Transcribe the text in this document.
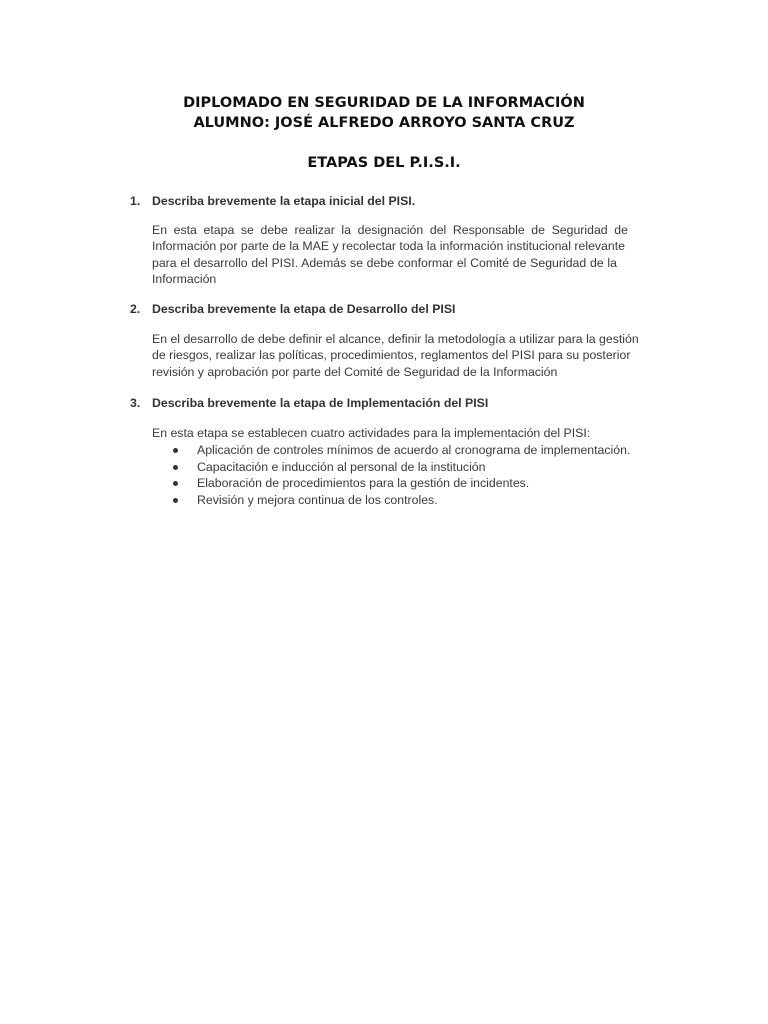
DIPLOMADO EN SEGURIDAD DE LA INFORMACIÓN
ALUMNO: JOSÉ ALFREDO ARROYO SANTA CRUZ
ETAPAS DEL P.I.S.I.
1. Describa brevemente la etapa inicial del PISI.
En esta etapa se debe realizar la designación del Responsable de Seguridad de
Información por parte de la MAE y recolectar toda la información institucional relevante
para el desarrollo del PISI. Además se debe conformar el Comité de Seguridad de la
Información
2. Describa brevemente la etapa de Desarrollo del PISI
En el desarrollo de debe definir el alcance, definir la metodología a utilizar para la gestión
de riesgos, realizar las políticas, procedimientos, reglamentos del PISI para su posterior
revisión y aprobación por parte del Comité de Seguridad de la Información
3. Describa brevemente la etapa de Implementación del PISI
En esta etapa se establecen cuatro actividades para la implementación del PISI:
Aplicación de controles mínimos de acuerdo al cronograma de implementación.
Capacitación e inducción al personal de la institución
Elaboración de procedimientos para la gestión de incidentes.
Revisión y mejora continua de los controles.
